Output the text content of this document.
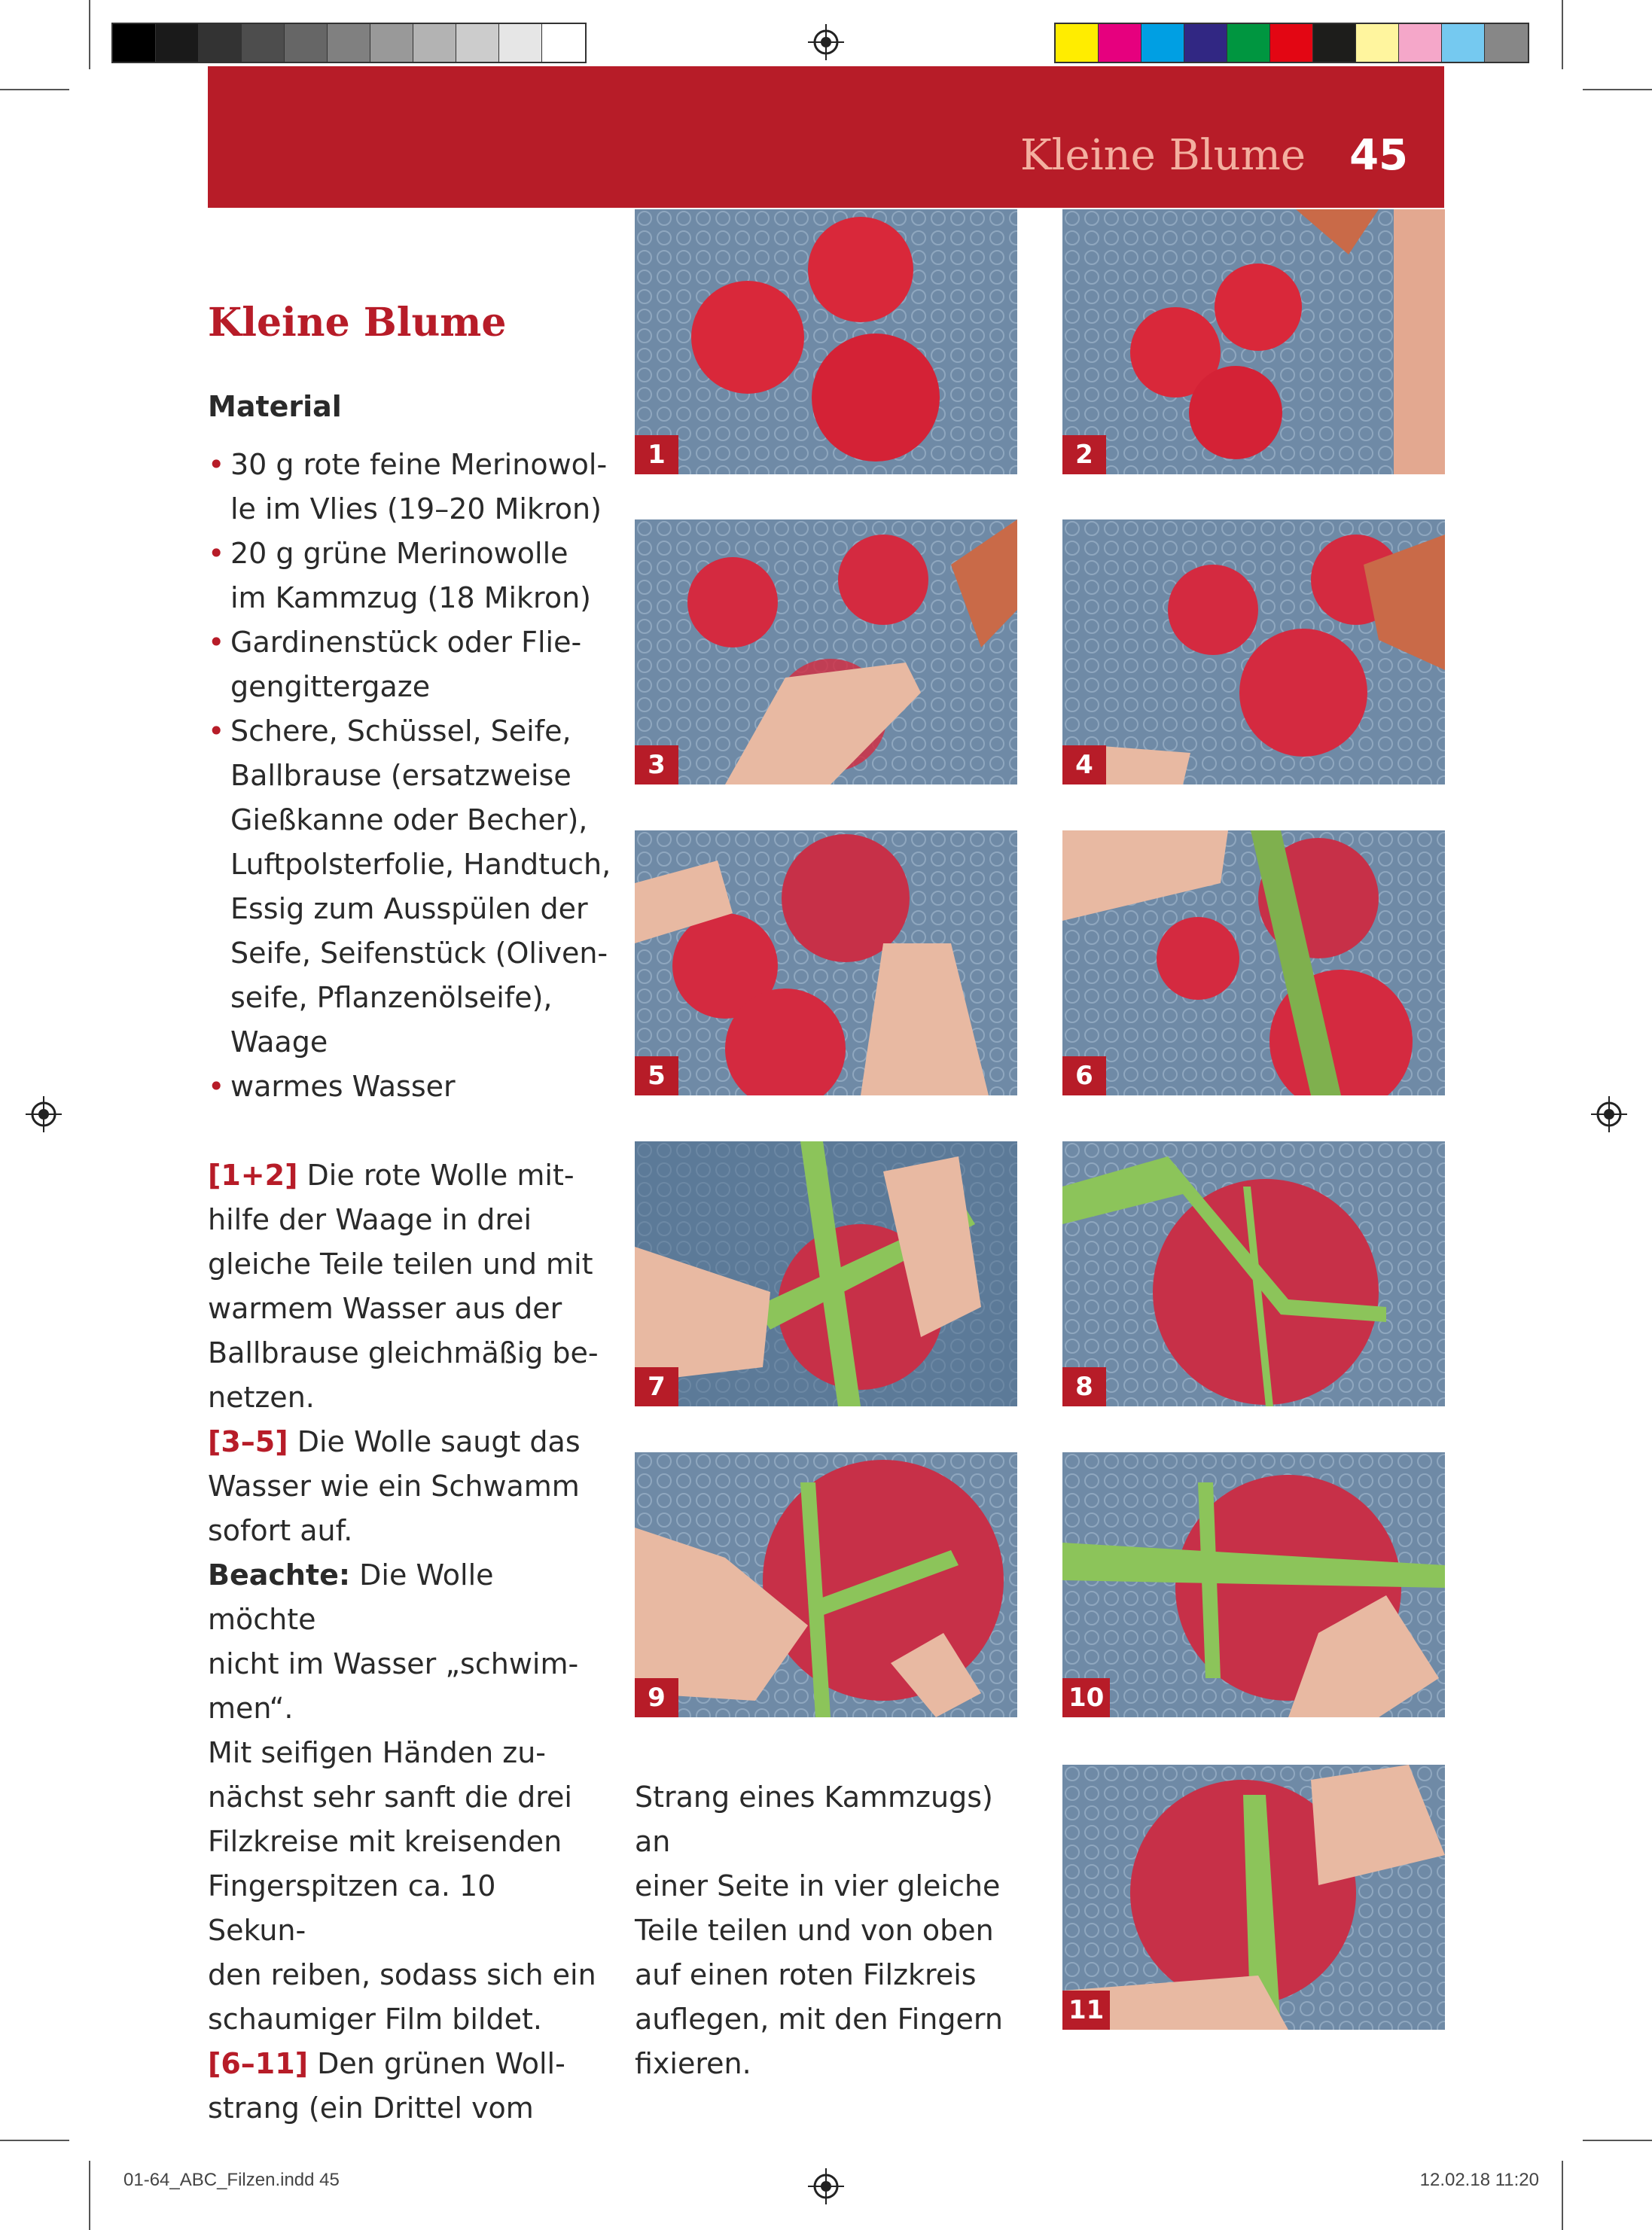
Kleine Blume 45
Kleine Blume
Material
• 30 g rote feine Merinowol-
le im Vlies (19–20 Mikron)
• 20 g grüne Merinowolle
im Kammzug (18 Mikron)
• Gardinenstück oder Flie-
gengittergaze
• Schere, Schüssel, Seife,
Ballbrause (ersatzweise
Gießkanne oder Becher),
Luftpolsterfolie, Handtuch,
Essig zum Ausspülen der
Seife, Seifenstück (Oliven-
seife, Pflanzenölseife),
Waage
• warmes Wasser

[1+2] Die rote Wolle mit-
hilfe der Waage in drei
gleiche Teile teilen und mit
warmem Wasser aus der
Ballbrause gleichmäßig be-
netzen.

[3–5] Die Wolle saugt das
Wasser wie ein Schwamm
sofort auf.

Beachte: Die Wolle möchte
nicht im Wasser „schwim-
men“.

Mit seifigen Händen zu-
nächst sehr sanft die drei
Filzkreise mit kreisenden
Fingerspitzen ca. 10 Sekun-
den reiben, sodass sich ein
schaumiger Film bildet.

[6–11] Den grünen Woll-
strang (ein Drittel vom

Strang eines Kammzugs) an
einer Seite in vier gleiche
Teile teilen und von oben
auf einen roten Filzkreis
auflegen, mit den Fingern
fixieren.

1	2
3	4
5	6
7	8
9	10
11
01-64_ABC_Filzen.indd 45	12.02.18 11:20
